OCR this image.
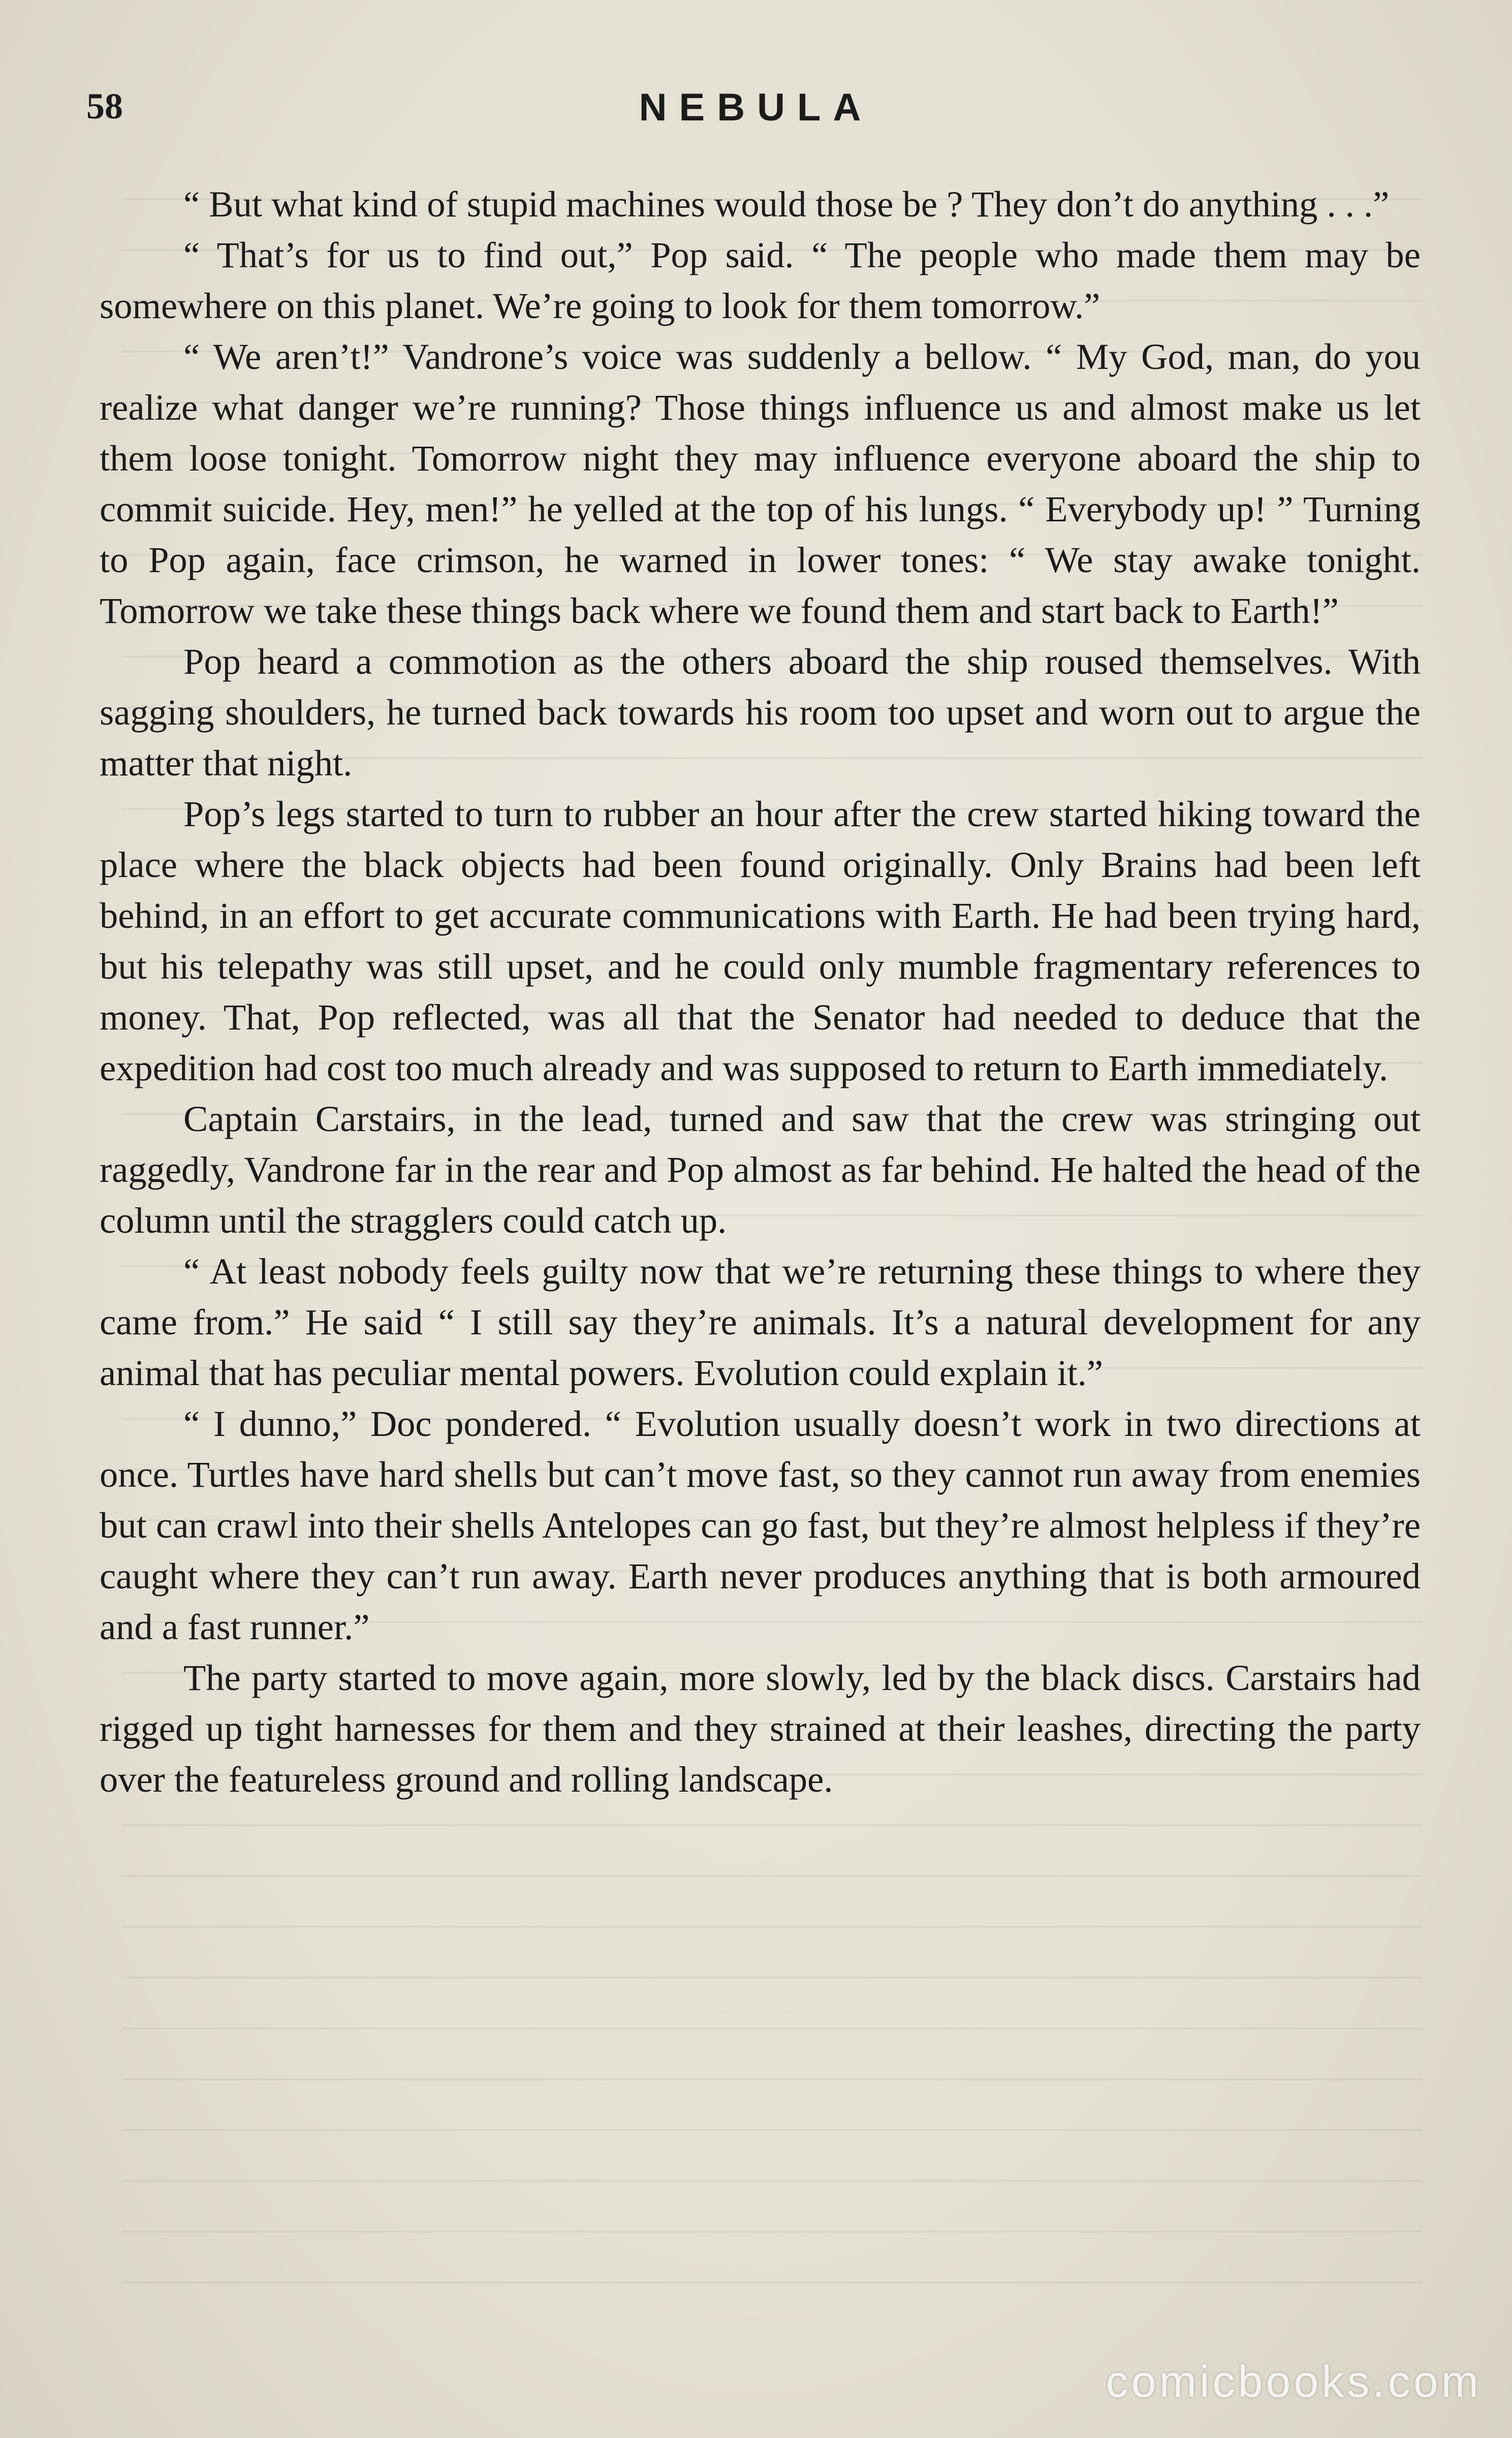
58	NEBULA

“ But what kind of stupid machines would those be ? They don’t do anything . . .”

“ That’s for us to find out,” Pop said. “ The people who made them may be somewhere on this planet. We’re going to look for them tomorrow.”

“ We aren’t!” Vandrone’s voice was suddenly a bellow. “ My God, man, do you realize what danger we’re running? Those things influence us and almost make us let them loose tonight. Tomorrow night they may influence everyone aboard the ship to commit suicide. Hey, men!” he yelled at the top of his lungs. “ Everybody up! ” Turning to Pop again, face crimson, he warned in lower tones: “ We stay awake tonight. Tomorrow we take these things back where we found them and start back to Earth!”

Pop heard a commotion as the others aboard the ship roused themselves. With sagging shoulders, he turned back towards his room too upset and worn out to argue the matter that night.

Pop’s legs started to turn to rubber an hour after the crew started hiking toward the place where the black objects had been found originally. Only Brains had been left behind, in an effort to get accurate communications with Earth. He had been trying hard, but his telepathy was still upset, and he could only mumble fragmentary references to money. That, Pop reflected, was all that the Senator had needed to deduce that the expedition had cost too much already and was supposed to return to Earth immediately.

Captain Carstairs, in the lead, turned and saw that the crew was stringing out raggedly, Vandrone far in the rear and Pop almost as far behind. He halted the head of the column until the stragglers could catch up.

“ At least nobody feels guilty now that we’re returning these things to where they came from.” He said “ I still say they’re animals. It’s a natural development for any animal that has peculiar mental powers. Evolution could explain it.”

“ I dunno,” Doc pondered. “ Evolution usually doesn’t work in two directions at once. Turtles have hard shells but can’t move fast, so they cannot run away from enemies but can crawl into their shells Antelopes can go fast, but they’re almost helpless if they’re caught where they can’t run away. Earth never produces anything that is both armoured and a fast runner.”

The party started to move again, more slowly, led by the black discs. Carstairs had rigged up tight harnesses for them and they strained at their leashes, directing the party over the featureless ground and rolling landscape.

comicbooks.com
